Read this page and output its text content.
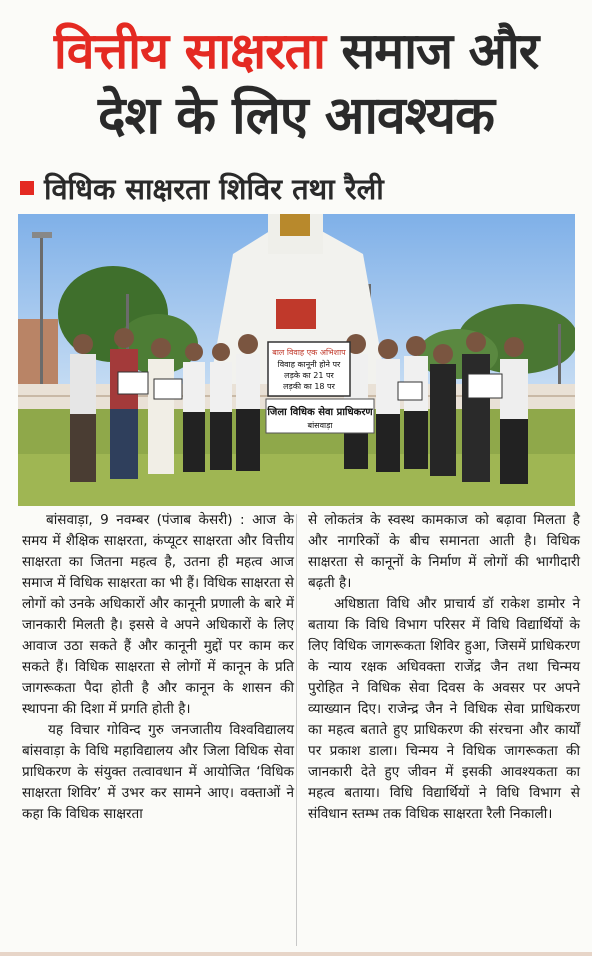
वित्तीय साक्षरता समाज और
देश के लिए आवश्यक
विधिक साक्षरता शिविर तथा रैली
बाल विवाह एक अभिशाप
विवाह कानूनी होने पर
लड़के का 21 पर
लड़की का 18 पर
जिला विधिक सेवा प्राधिकरण
बांसवाड़ा

बांसवाड़ा, 9 नवम्बर (पंजाब केसरी) : आज के समय में शैक्षिक साक्षरता, कंप्यूटर साक्षरता और वित्तीय साक्षरता का जितना महत्व है, उतना ही महत्व आज समाज में विधिक साक्षरता का भी हैं। विधिक साक्षरता से लोगों को उनके अधिकारों और कानूनी प्रणाली के बारे में जानकारी मिलती है। इससे वे अपने अधिकारों के लिए आवाज उठा सकते हैं और कानूनी मुद्दों पर काम कर सकते हैं। विधिक साक्षरता से लोगों में कानून के प्रति जागरूकता पैदा होती है और कानून के शासन की स्थापना की दिशा में प्रगति होती है।

यह विचार गोविन्द गुरु जनजातीय विश्वविद्यालय बांसवाड़ा के विधि महाविद्यालय और जिला विधिक सेवा प्राधिकरण के संयुक्त तत्वावधान में आयोजित ‘विधिक साक्षरता शिविर’ में उभर कर सामने आए। वक्ताओं ने कहा कि विधिक साक्षरता

से लोकतंत्र के स्वस्थ कामकाज को बढ़ावा मिलता है और नागरिकों के बीच समानता आती है। विधिक साक्षरता से कानूनों के निर्माण में लोगों की भागीदारी बढ़ती है।

अधिष्ठाता विधि और प्राचार्य डॉ राकेश डामोर ने बताया कि विधि विभाग परिसर में विधि विद्यार्थियों के लिए विधिक जागरूकता शिविर हुआ, जिसमें प्राधिकरण के न्याय रक्षक अधिवक्ता राजेंद्र जैन तथा चिन्मय पुरोहित ने विधिक सेवा दिवस के अवसर पर अपने व्याख्यान दिए। राजेन्द्र जैन ने विधिक सेवा प्राधिकरण का महत्व बताते हुए प्राधिकरण की संरचना और कार्यों पर प्रकाश डाला। चिन्मय ने विधिक जागरूकता की जानकारी देते हुए जीवन में इसकी आवश्यकता का महत्व बताया। विधि विद्यार्थियों ने विधि विभाग से संविधान स्तम्भ तक विधिक साक्षरता रैली निकाली।
